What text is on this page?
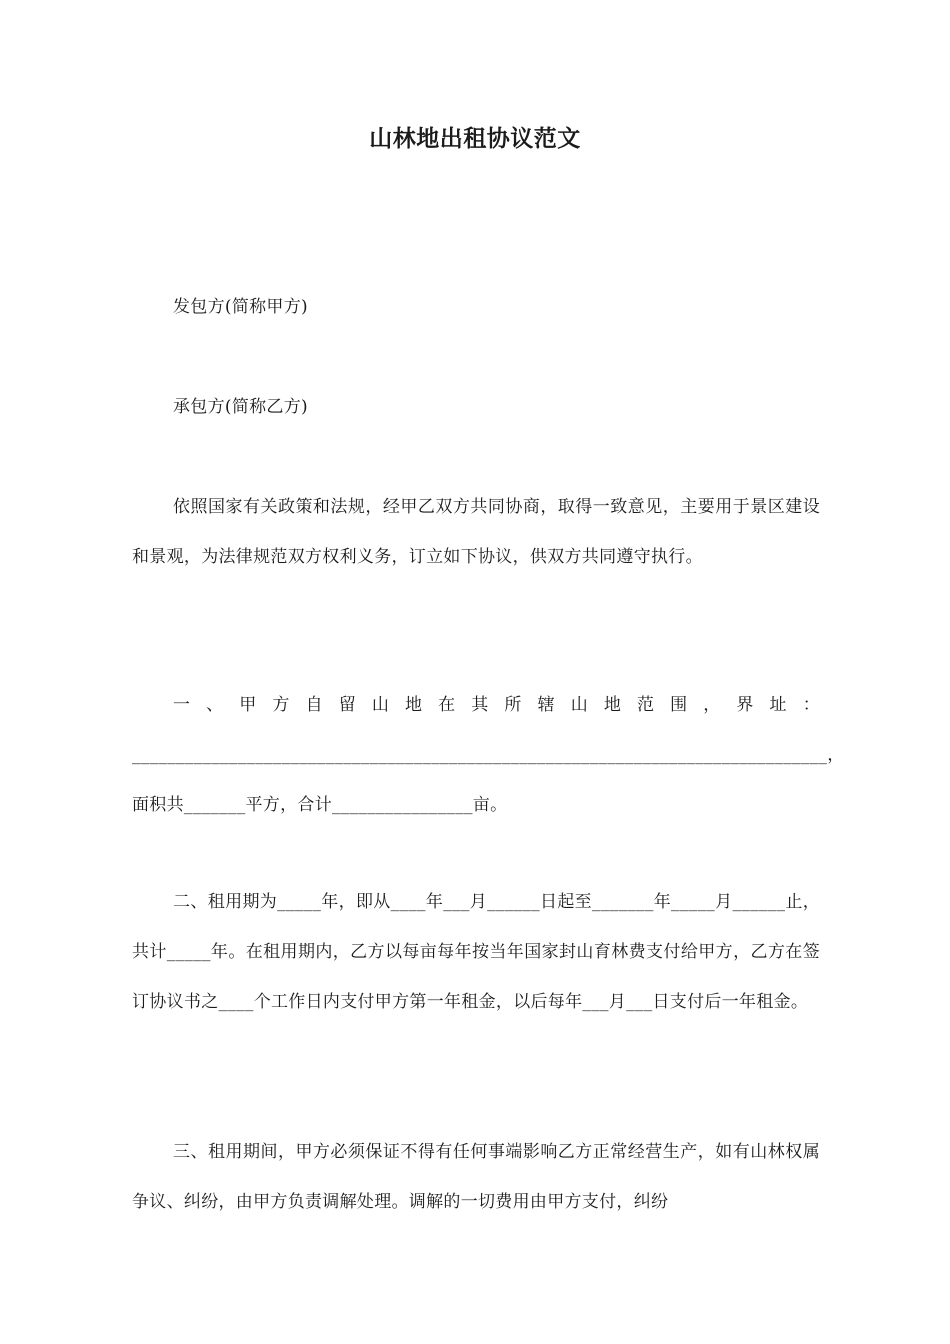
山林地出租协议范文

发包方(简称甲方)

承包方(简称乙方)

依照国家有关政策和法规，经甲乙双方共同协商，取得一致意见，主要用于景区建设和景观，为法律规范双方权利义务，订立如下协议，供双方共同遵守执行。

一、甲方自留山地在其所辖山地范围，界址：_______________________________________________________________________________，面积共_______平方，合计________________亩。

二、租用期为_____年，即从____年___月______日起至_______年_____月______止，共计_____年。在租用期内，乙方以每亩每年按当年国家封山育林费支付给甲方，乙方在签订协议书之____个工作日内支付甲方第一年租金，以后每年___月___日支付后一年租金。

三、租用期间，甲方必须保证不得有任何事端影响乙方正常经营生产，如有山林权属争议、纠纷，由甲方负责调解处理。调解的一切费用由甲方支付，纠纷
